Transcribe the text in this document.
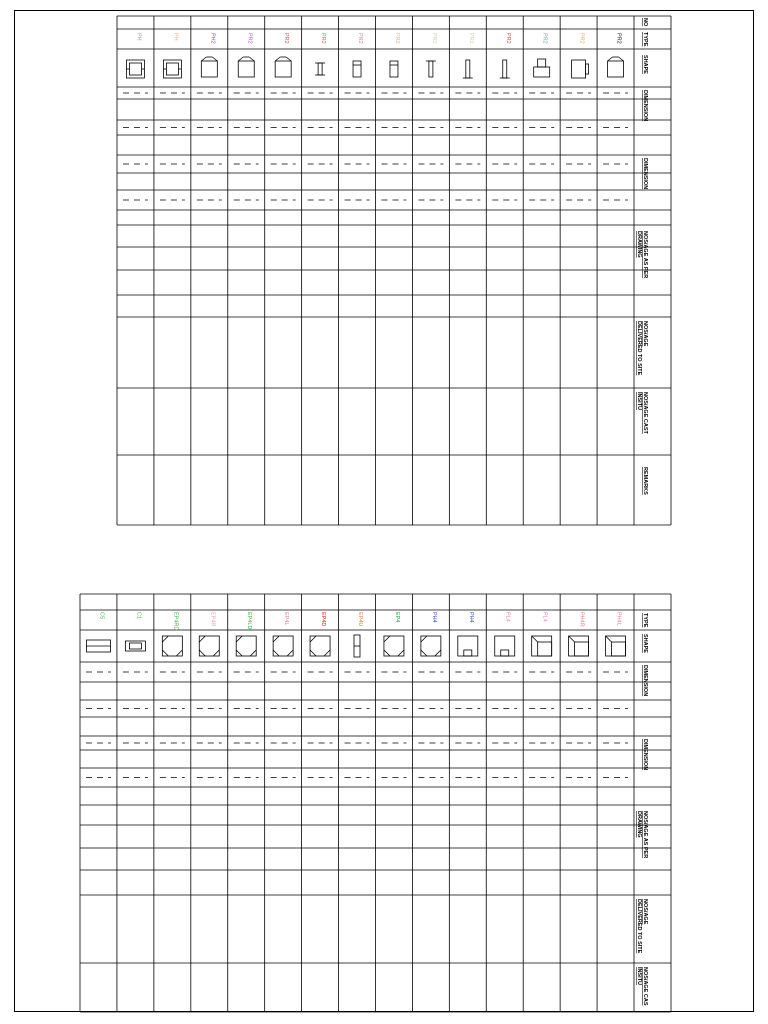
NO
TYPE
SHAPE
DIMENSION
DIMENSION
NOS/AGE AS PER
DRAWING
NOS/AGE
DELIVERED TO SITE
NOS/AGE CAST
INSITU
REMARKS
PR2
PR2
PR2
PR2
PR2
PR2
PR2
PR2
PR2
PR2
PR2
PH2
PH
PH
TYPE
SHAPE
DIMENSION
DIMENSION
NOS/AGE AS PER
DRAWING
NOS/AGE
DELIVERED TO SITE
NOS/AGE CAS
INSITU
PH4L
PH4R
PL4
PL4
PH4
PH4
EP4
EP4U
EP4D
EP4L
EP4LD
EP4R
EP4RD
C1
C5
